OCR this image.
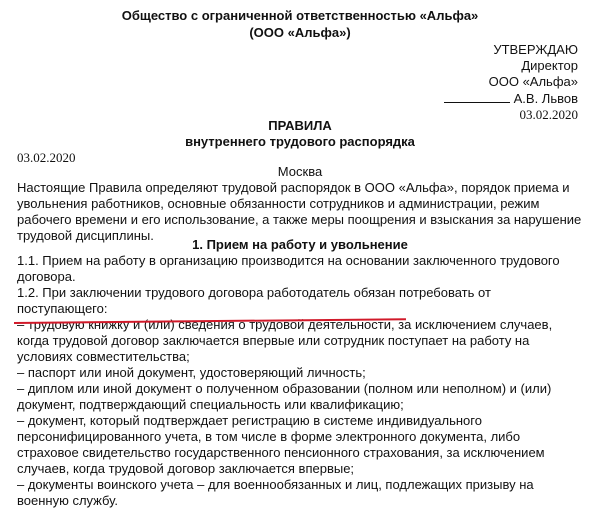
Общество с ограниченной ответственностью «Альфа»
(ООО «Альфа»)
УТВЕРЖДАЮ
Директор
ООО «Альфа»
А.В. Львов
03.02.2020
ПРАВИЛА
внутреннего трудового распорядка
03.02.2020
Москва
Настоящие Правила определяют трудовой распорядок в ООО «Альфа», порядок приема и
увольнения работников, основные обязанности сотрудников и администрации, режим
рабочего времени и его использование, а также меры поощрения и взыскания за нарушение
трудовой дисциплины.
1. Прием на работу и увольнение
1.1. Прием на работу в организацию производится на основании заключенного трудового
договора.
1.2. При заключении трудового договора работодатель обязан потребовать от
поступающего:
– трудовую книжку и (или) сведения о трудовой деятельности, за исключением случаев,
когда трудовой договор заключается впервые или сотрудник поступает на работу на
условиях совместительства;
– паспорт или иной документ, удостоверяющий личность;
– диплом или иной документ о полученном образовании (полном или неполном) и (или)
документ, подтверждающий специальность или квалификацию;
– документ, который подтверждает регистрацию в системе индивидуального
персонифицированного учета, в том числе в форме электронного документа, либо
страховое свидетельство государственного пенсионного страхования, за исключением
случаев, когда трудовой договор заключается впервые;
– документы воинского учета – для военнообязанных и лиц, подлежащих призыву на
военную службу.
